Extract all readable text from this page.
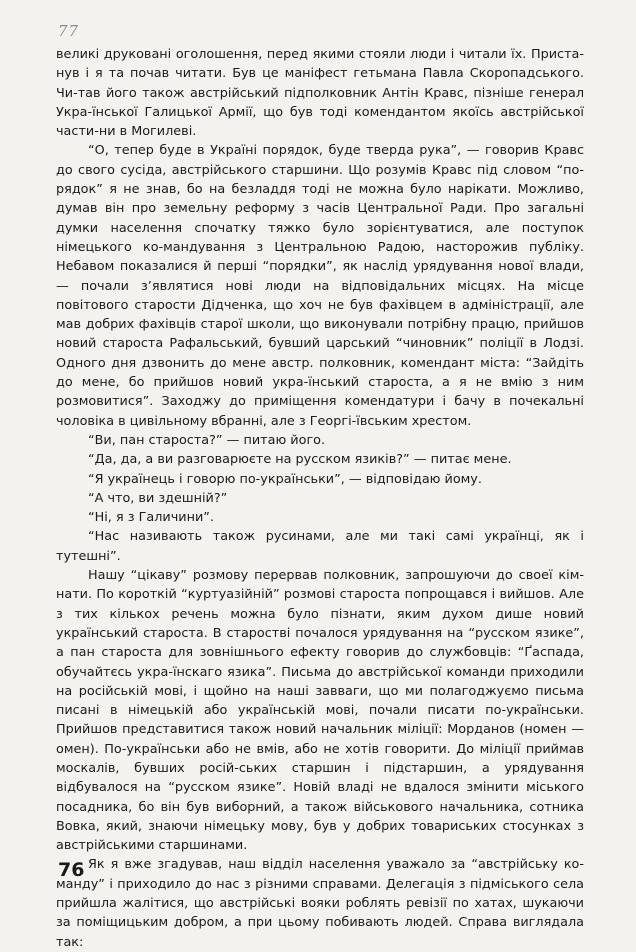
77

великі друковані оголошення, перед якими стояли люди і читали їх. Приста-нув і я та почав читати. Був це маніфест гетьмана Павла Скоропадського. Чи-тав його також австрійський підполковник Антін Кравс, пізніше генерал Укра-їнської Галицької Армії, що був тоді комендантом якоїсь австрійської части-ни в Могилеві.

“О, тепер буде в Україні порядок, буде тверда рука”, — говорив Кравс до свого сусіда, австрійського старшини. Що розумів Кравс під словом “по-рядок” я не знав, бо на безладдя тоді не можна було нарікати. Можливо, думав він про земельну реформу з часів Центральної Ради. Про загальні думки населення спочатку тяжко було зорієнтуватися, але поступок німецького ко-мандування з Центральною Радою, насторожив публіку. Небавом показалися й перші “порядки”, як наслід урядування нової влади, — почали з’являтися нові люди на відповідальних місцях. На місце повітового старости Дідченка, що хоч не був фахівцем в адміністрації, але мав добрих фахівців старої школи, що виконували потрібну працю, прийшов новий староста Рафальський, бувший царський “чиновник” поліції в Лодзі. Одного дня дзвонить до мене австр. полковник, комендант міста: “Зайдіть до мене, бо прийшов новий укра-їнський староста, а я не вмію з ним розмовитися”. Заходжу до приміщення комендатури і бачу в почекальні чоловіка в цивільному вбранні, але з Георгі-ївським хрестом.

“Ви, пан староста?” — питаю його.

“Да, да, а ви разговарюєте на русском язиків?” — питає мене.

“Я українець і говорю по-українськи”, — відповідаю йому.

“А что, ви здешній?”

“Ні, я з Галичини”.

“Нас називають також русинами, але ми такі самі українці, як і тутешні”.

Нашу “цікаву” розмову перервав полковник, запрошуючи до своеї кім-нати. По короткій “куртуазійній” розмові староста попрощався і вийшов. Але з тих кількох речень можна було пізнати, яким духом дише новий український староста. В старостві почалося урядування на “русском язике”, а пан староста для зовнішнього ефекту говорив до службовців: “Ґаспада, обучайтєсь укра-їнскаго язика”. Письма до австрійської команди приходили на російській мові, і щойно на наші завваги, що ми полагоджуємо письма писані в німецькій або українській мові, почали писати по-українськи. Прийшов представитися також новий начальник міліції: Морданов (номен — омен). По-українськи або не вмів, або не хотів говорити. До міліції приймав москалів, бувших росій-ських старшин і підстаршин, а урядування відбувалося на “русском язике”. Новій владі не вдалося змінити міського посадника, бо він був виборний, а також військового начальника, сотника Вовка, який, знаючи німецьку мову, був у добрих товариських стосунках з австрійськими старшинами.

Як я вже згадував, наш відділ населення уважало за “австрійську ко-манду” і приходило до нас з різними справами. Делегація з підміського села прийшла жалітися, що австрійські вояки роблять ревізії по хатах, шукаючи за поміщицьким добром, а при цьому побивають людей. Справа виглядала так:

76
